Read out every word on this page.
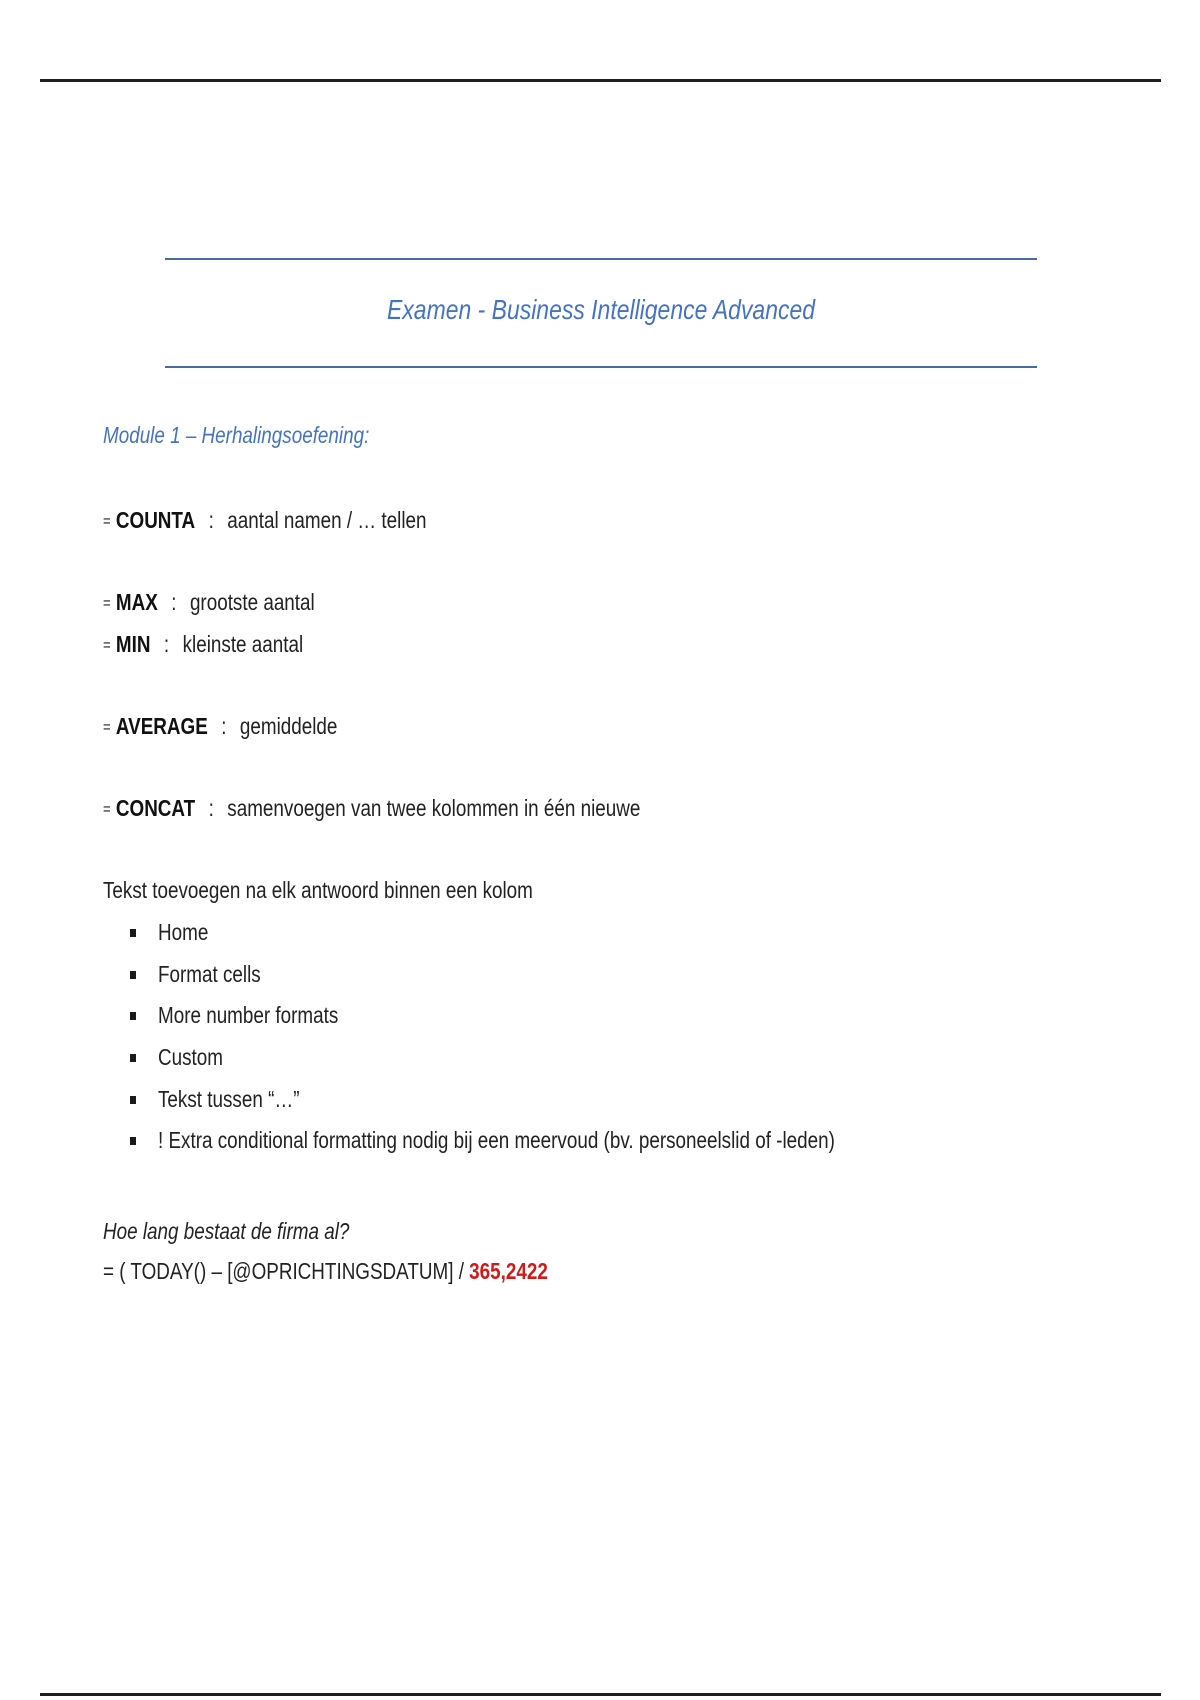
Examen - Business Intelligence Advanced
Module 1 – Herhalingsoefening:
= COUNTA : aantal namen / … tellen
= MAX : grootste aantal
= MIN : kleinste aantal
= AVERAGE : gemiddelde
= CONCAT : samenvoegen van twee kolommen in één nieuwe
Tekst toevoegen na elk antwoord binnen een kolom
Home
Format cells
More number formats
Custom
Tekst tussen “…”
! Extra conditional formatting nodig bij een meervoud (bv. personeelslid of -leden)
Hoe lang bestaat de firma al?
= ( TODAY() – [@OPRICHTINGSDATUM] / 365,2422
